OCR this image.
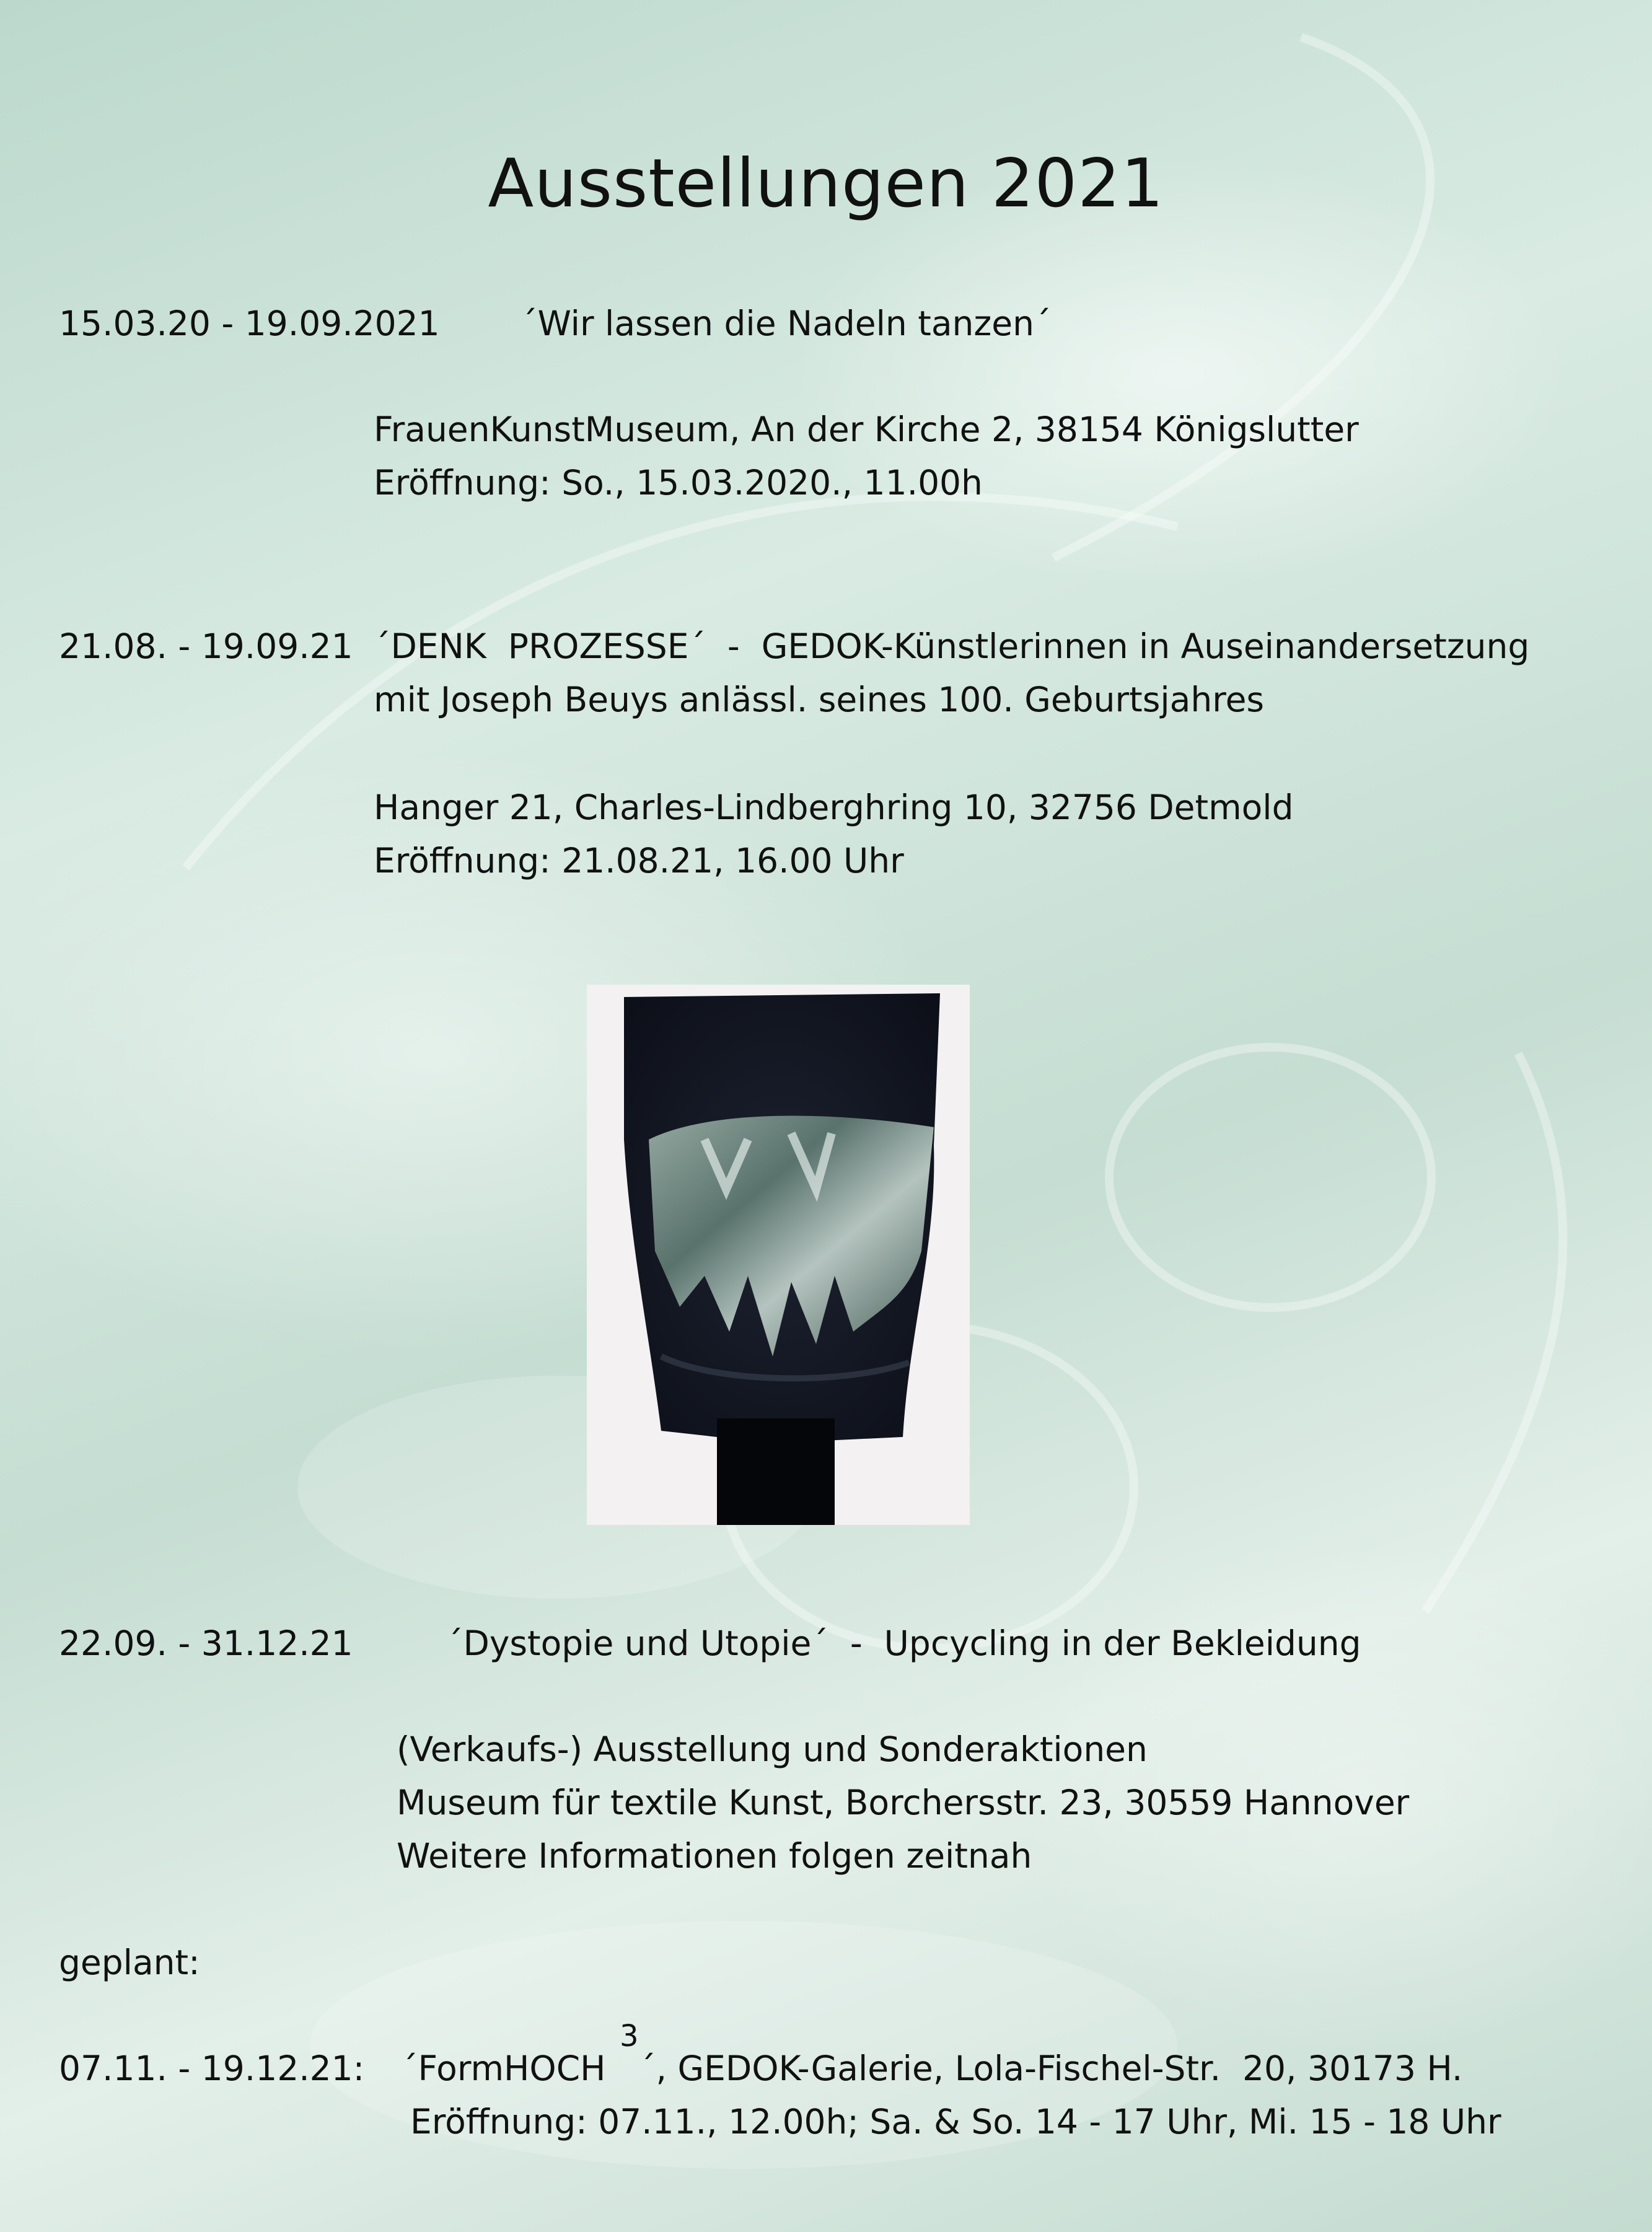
Ausstellungen 2021
15.03.20 - 19.09.2021 ´Wir lassen die Nadeln tanzen´
FrauenKunstMuseum, An der Kirche 2, 38154 Königslutter
Eröffnung: So., 15.03.2020., 11.00h
21.08. - 19.09.21 ´DENK  PROZESSE´  -  GEDOK-Künstlerinnen in Auseinandersetzung
mit Joseph Beuys anlässl. seines 100. Geburtsjahres
Hanger 21, Charles-Lindberghring 10, 32756 Detmold
Eröffnung: 21.08.21, 16.00 Uhr
22.09. - 31.12.21	´Dystopie und Utopie´  -  Upcycling in der Bekleidung
(Verkaufs-) Ausstellung und Sonderaktionen
Museum für textile Kunst, Borchersstr. 23, 30559 Hannover
Weitere Informationen folgen zeitnah
geplant:
07.11. - 19.12.21: ´FormHOCH
3
´, GEDOK-Galerie, Lola-Fischel-Str.  20, 30173 H.
Eröffnung: 07.11., 12.00h; Sa. & So. 14 - 17 Uhr, Mi. 15 - 18 Uhr
